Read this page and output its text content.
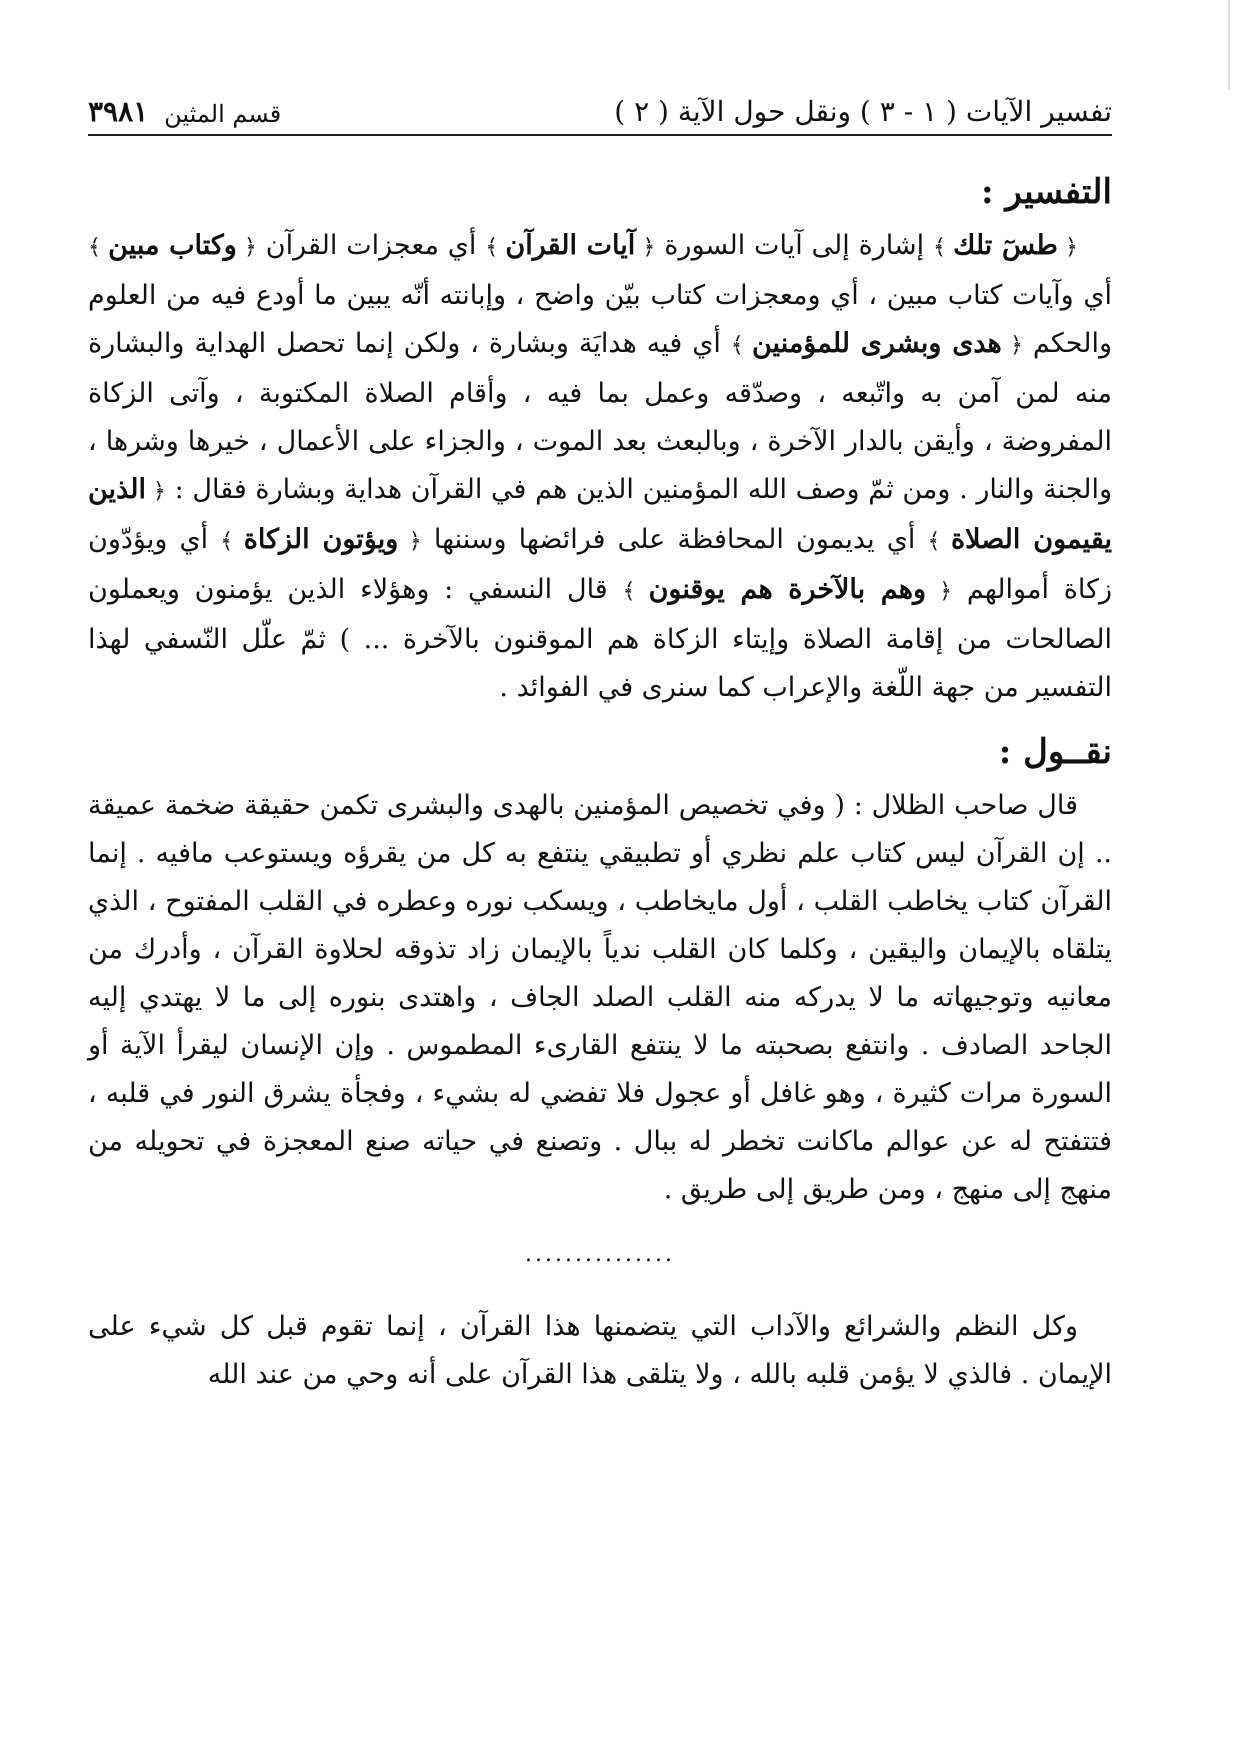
تفسير الآيات ( ١ - ٣ ) ونقل حول الآية ( ٢ )
قسم المثين
٣٩٨١
التفسير :

﴿ طسٓ تلك ﴾ إشارة إلى آيات السورة ﴿ آيات القرآن ﴾ أي معجزات القرآن ﴿ وكتاب مبين ﴾ أي وآيات كتاب مبين ، أي ومعجزات كتاب بيّن واضح ، وإبانته أنّه يبين ما أودع فيه من العلوم والحكم ﴿ هدى وبشرى للمؤمنين ﴾ أي فيه هدايَة وبشارة ، ولكن إنما تحصل الهداية والبشارة منه لمن آمن به واتّبعه ، وصدّقه وعمل بما فيه ، وأقام الصلاة المكتوبة ، وآتى الزكاة المفروضة ، وأيقن بالدار الآخرة ، وبالبعث بعد الموت ، والجزاء على الأعمال ، خيرها وشرها ، والجنة والنار . ومن ثمّ وصف الله المؤمنين الذين هم في القرآن هداية وبشارة فقال : ﴿ الذين يقيمون الصلاة ﴾ أي يديمون المحافظة على فرائضها وسننها ﴿ ويؤتون الزكاة ﴾ أي ويؤدّون زكاة أموالهم ﴿ وهم بالآخرة هم يوقنون ﴾ قال النسفي : وهؤلاء الذين يؤمنون ويعملون الصالحات من إقامة الصلاة وإيتاء الزكاة هم الموقنون بالآخرة ... ) ثمّ علّل النّسفي لهذا التفسير من جهة اللّغة والإعراب كما سنرى في الفوائد .

نقــول :

قال صاحب الظلال : ( وفي تخصيص المؤمنين بالهدى والبشرى تكمن حقيقة ضخمة عميقة .. إن القرآن ليس كتاب علم نظري أو تطبيقي ينتفع به كل من يقرؤه ويستوعب مافيه . إنما القرآن كتاب يخاطب القلب ، أول مايخاطب ، ويسكب نوره وعطره في القلب المفتوح ، الذي يتلقاه بالإيمان واليقين ، وكلما كان القلب ندياً بالإيمان زاد تذوقه لحلاوة القرآن ، وأدرك من معانيه وتوجيهاته ما لا يدركه منه القلب الصلد الجاف ، واهتدى بنوره إلى ما لا يهتدي إليه الجاحد الصادف . وانتفع بصحبته ما لا ينتفع القارىء المطموس . وإن الإنسان ليقرأ الآية أو السورة مرات كثيرة ، وهو غافل أو عجول فلا تفضي له بشيء ، وفجأة يشرق النور في قلبه ، فتتفتح له عن عوالم ماكانت تخطر له ببال . وتصنع في حياته صنع المعجزة في تحويله من منهج إلى منهج ، ومن طريق إلى طريق .

...............

وكل النظم والشرائع والآداب التي يتضمنها هذا القرآن ، إنما تقوم قبل كل شيء على الإيمان . فالذي لا يؤمن قلبه بالله ، ولا يتلقى هذا القرآن على أنه وحي من عند الله
